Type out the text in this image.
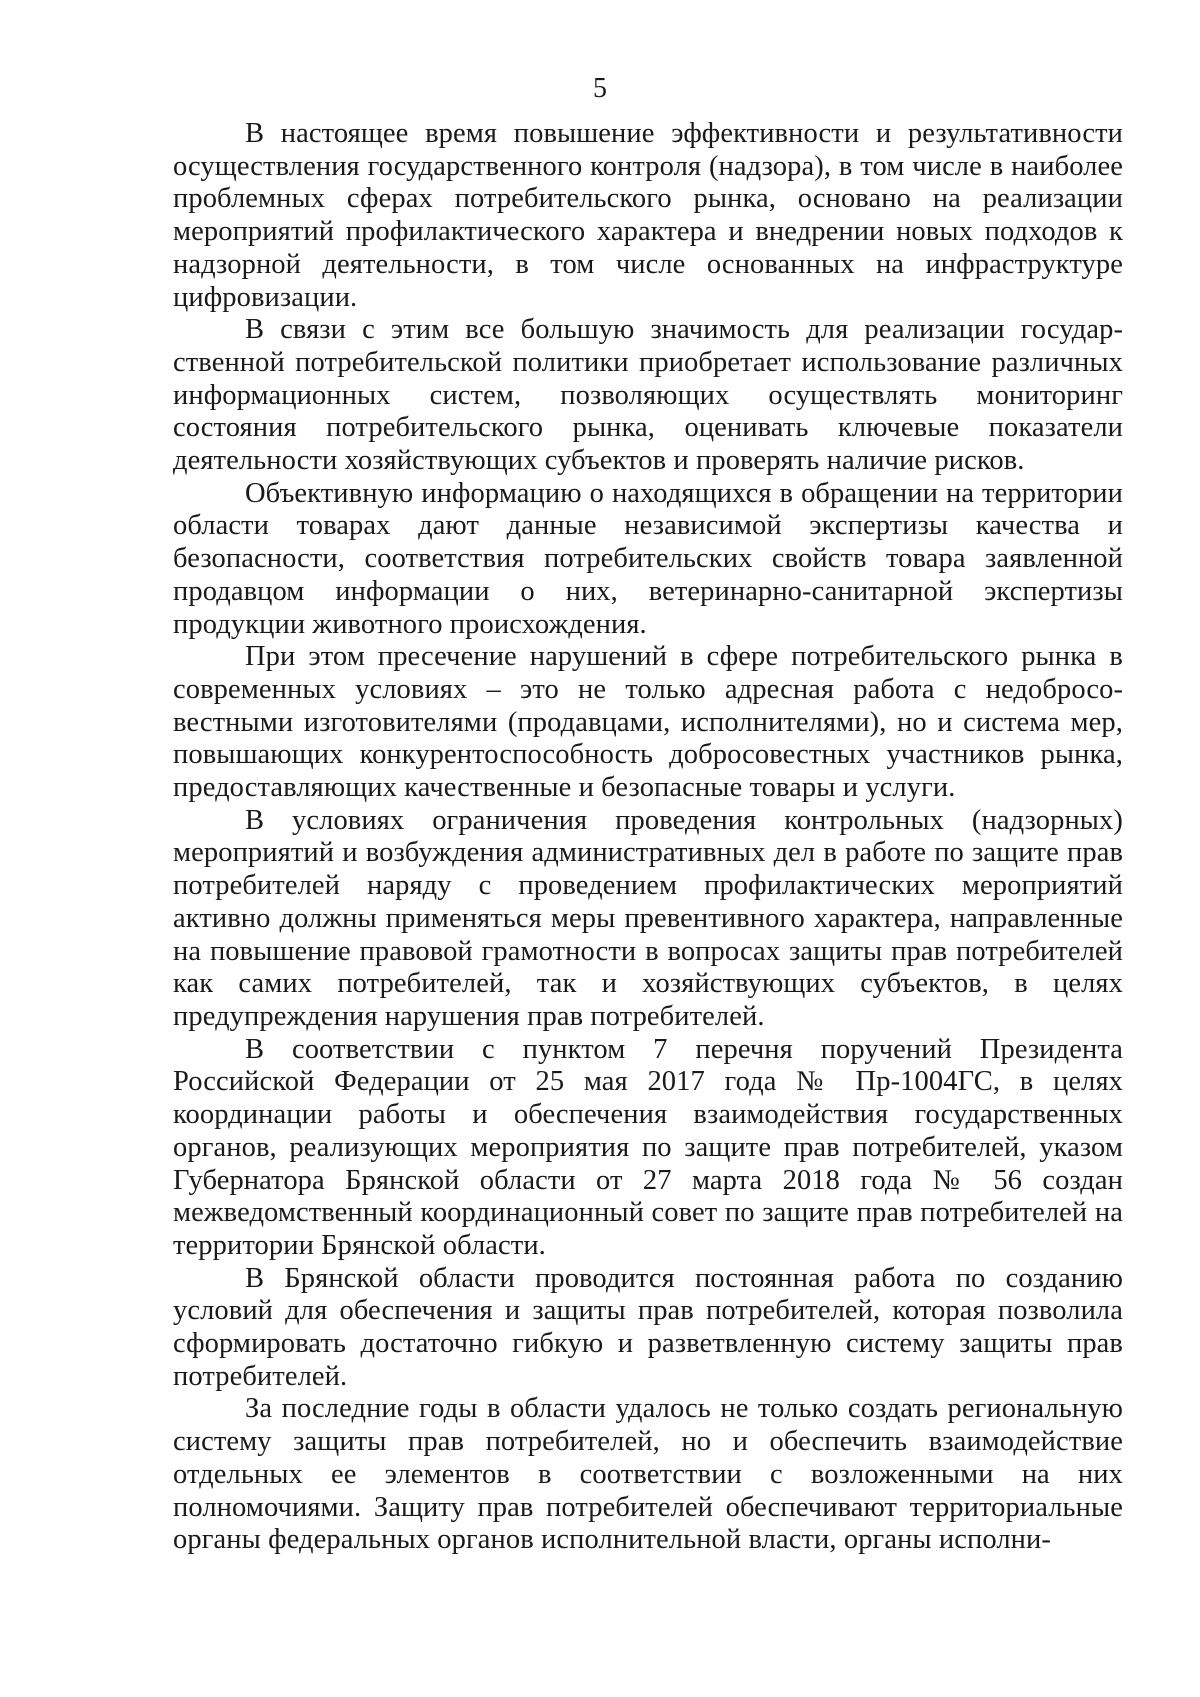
5

В настоящее время повышение эффективности и результативности осуществления государственного контроля (надзора), в том числе в наиболее проблемных сферах потребительского рынка, основано на реализации мероприятий профилактического характера и внедрении новых подходов к надзорной деятельности, в том числе основанных на инфраструктуре цифровизации.

В связи с этим все большую значимость для реализации государственной потребительской политики приобретает использование различных информационных систем, позволяющих осуществлять мониторинг состояния потребительского рынка, оценивать ключевые показатели деятельности хозяйствующих субъектов и проверять наличие рисков.

Объективную информацию о находящихся в обращении на территории области товарах дают данные независимой экспертизы качества и безопасности, соответствия потребительских свойств товара заявленной продавцом информации о них, ветеринарно-санитарной экспертизы продукции животного происхождения.

При этом пресечение нарушений в сфере потребительского рынка в современных условиях – это не только адресная работа с недобросовестными изготовителями (продавцами, исполнителями), но и система мер, повышающих конкурентоспособность добросовестных участников рынка, предоставляющих качественные и безопасные товары и услуги.

В условиях ограничения проведения контрольных (надзорных) мероприятий и возбуждения административных дел в работе по защите прав потребителей наряду с проведением профилактических мероприятий активно должны применяться меры превентивного характера, направленные на повышение правовой грамотности в вопросах защиты прав потребителей как самих потребителей, так и хозяйствующих субъектов, в целях предупреждения нарушения прав потребителей.

В соответствии с пунктом 7 перечня поручений Президента Российской Федерации от 25 мая 2017 года № Пр-1004ГС, в целях координации работы и обеспечения взаимодействия государственных органов, реализующих мероприятия по защите прав потребителей, указом Губернатора Брянской области от 27 марта 2018 года № 56 создан межведомственный координационный совет по защите прав потребителей на территории Брянской области.

В Брянской области проводится постоянная работа по созданию условий для обеспечения и защиты прав потребителей, которая позволила сформировать достаточно гибкую и разветвленную систему защиты прав потребителей.

За последние годы в области удалось не только создать региональную систему защиты прав потребителей, но и обеспечить взаимодействие отдельных ее элементов в соответствии с возложенными на них полномочиями. Защиту прав потребителей обеспечивают территориальные органы федеральных органов исполнительной власти, органы исполни-
